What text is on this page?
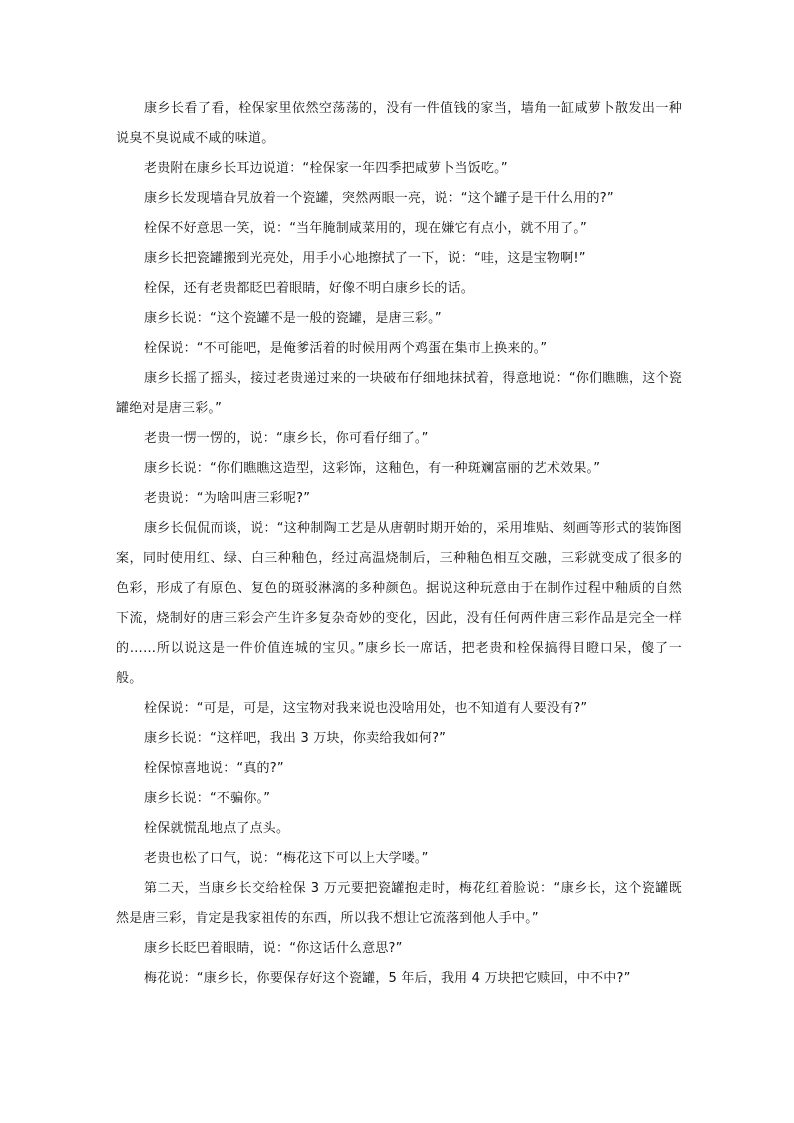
康乡长看了看，栓保家里依然空荡荡的，没有一件值钱的家当，墙角一缸咸萝卜散发出一种说臭不臭说咸不咸的味道。

老贵附在康乡长耳边说道：“栓保家一年四季把咸萝卜当饭吃。”

康乡长发现墙旮旯放着一个瓷罐，突然两眼一亮，说：“这个罐子是干什么用的?”

栓保不好意思一笑，说：“当年腌制咸菜用的，现在嫌它有点小，就不用了。”

康乡长把瓷罐搬到光亮处，用手小心地擦拭了一下，说：“哇，这是宝物啊!”

栓保，还有老贵都眨巴着眼睛，好像不明白康乡长的话。

康乡长说：“这个瓷罐不是一般的瓷罐，是唐三彩。”

栓保说：“不可能吧，是俺爹活着的时候用两个鸡蛋在集市上换来的。”

康乡长摇了摇头，接过老贵递过来的一块破布仔细地抹拭着，得意地说：“你们瞧瞧，这个瓷罐绝对是唐三彩。”

老贵一愣一愣的，说：“康乡长，你可看仔细了。”

康乡长说：“你们瞧瞧这造型，这彩饰，这釉色，有一种斑斓富丽的艺术效果。”

老贵说：“为啥叫唐三彩呢?”

康乡长侃侃而谈，说：“这种制陶工艺是从唐朝时期开始的，采用堆贴、刻画等形式的装饰图案，同时使用红、绿、白三种釉色，经过高温烧制后，三种釉色相互交融，三彩就变成了很多的色彩，形成了有原色、复色的斑驳淋漓的多种颜色。据说这种玩意由于在制作过程中釉质的自然下流，烧制好的唐三彩会产生许多复杂奇妙的变化，因此，没有任何两件唐三彩作品是完全一样的……所以说这是一件价值连城的宝贝。”康乡长一席话，把老贵和栓保搞得目瞪口呆，傻了一般。

栓保说：“可是，可是，这宝物对我来说也没啥用处，也不知道有人要没有?”

康乡长说：“这样吧，我出 3 万块，你卖给我如何?”

栓保惊喜地说：“真的?”

康乡长说：“不骗你。”

栓保就慌乱地点了点头。

老贵也松了口气，说：“梅花这下可以上大学喽。”

第二天，当康乡长交给栓保 3 万元要把瓷罐抱走时，梅花红着脸说：“康乡长，这个瓷罐既然是唐三彩，肯定是我家祖传的东西，所以我不想让它流落到他人手中。”

康乡长眨巴着眼睛，说：“你这话什么意思?”

梅花说：“康乡长，你要保存好这个瓷罐，5 年后，我用 4 万块把它赎回，中不中?”
